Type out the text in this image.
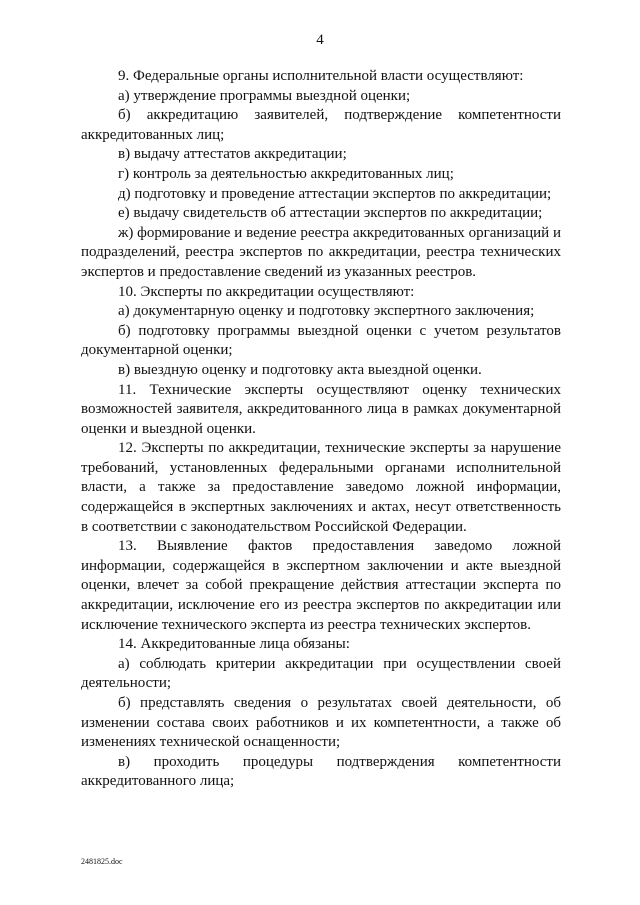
4

9. Федеральные органы исполнительной власти осуществляют:

а) утверждение программы выездной оценки;

б) аккредитацию заявителей, подтверждение компетентности аккредитованных лиц;

в) выдачу аттестатов аккредитации;

г) контроль за деятельностью аккредитованных лиц;

д) подготовку и проведение аттестации экспертов по аккредитации;

е) выдачу свидетельств об аттестации экспертов по аккредитации;

ж) формирование и ведение реестра аккредитованных организаций и подразделений, реестра экспертов по аккредитации, реестра технических экспертов и предоставление сведений из указанных реестров.

10. Эксперты по аккредитации осуществляют:

а) документарную оценку и подготовку экспертного заключения;

б) подготовку программы выездной оценки с учетом результатов документарной оценки;

в) выездную оценку и подготовку акта выездной оценки.

11. Технические эксперты осуществляют оценку технических возможностей заявителя, аккредитованного лица в рамках документарной оценки и выездной оценки.

12. Эксперты по аккредитации, технические эксперты за нарушение требований, установленных федеральными органами исполнительной власти, а также за предоставление заведомо ложной информации, содержащейся в экспертных заключениях и актах, несут ответственность в соответствии с законодательством Российской Федерации.

13. Выявление фактов предоставления заведомо ложной информации, содержащейся в экспертном заключении и акте выездной оценки, влечет за собой прекращение действия аттестации эксперта по аккредитации, исключение его из реестра экспертов по аккредитации или исключение технического эксперта из реестра технических экспертов.

14. Аккредитованные лица обязаны:

а) соблюдать критерии аккредитации при осуществлении своей деятельности;

б) представлять сведения о результатах своей деятельности, об изменении состава своих работников и их компетентности, а также об изменениях технической оснащенности;

в) проходить процедуры подтверждения компетентности аккредитованного лица;

2481825.doc
